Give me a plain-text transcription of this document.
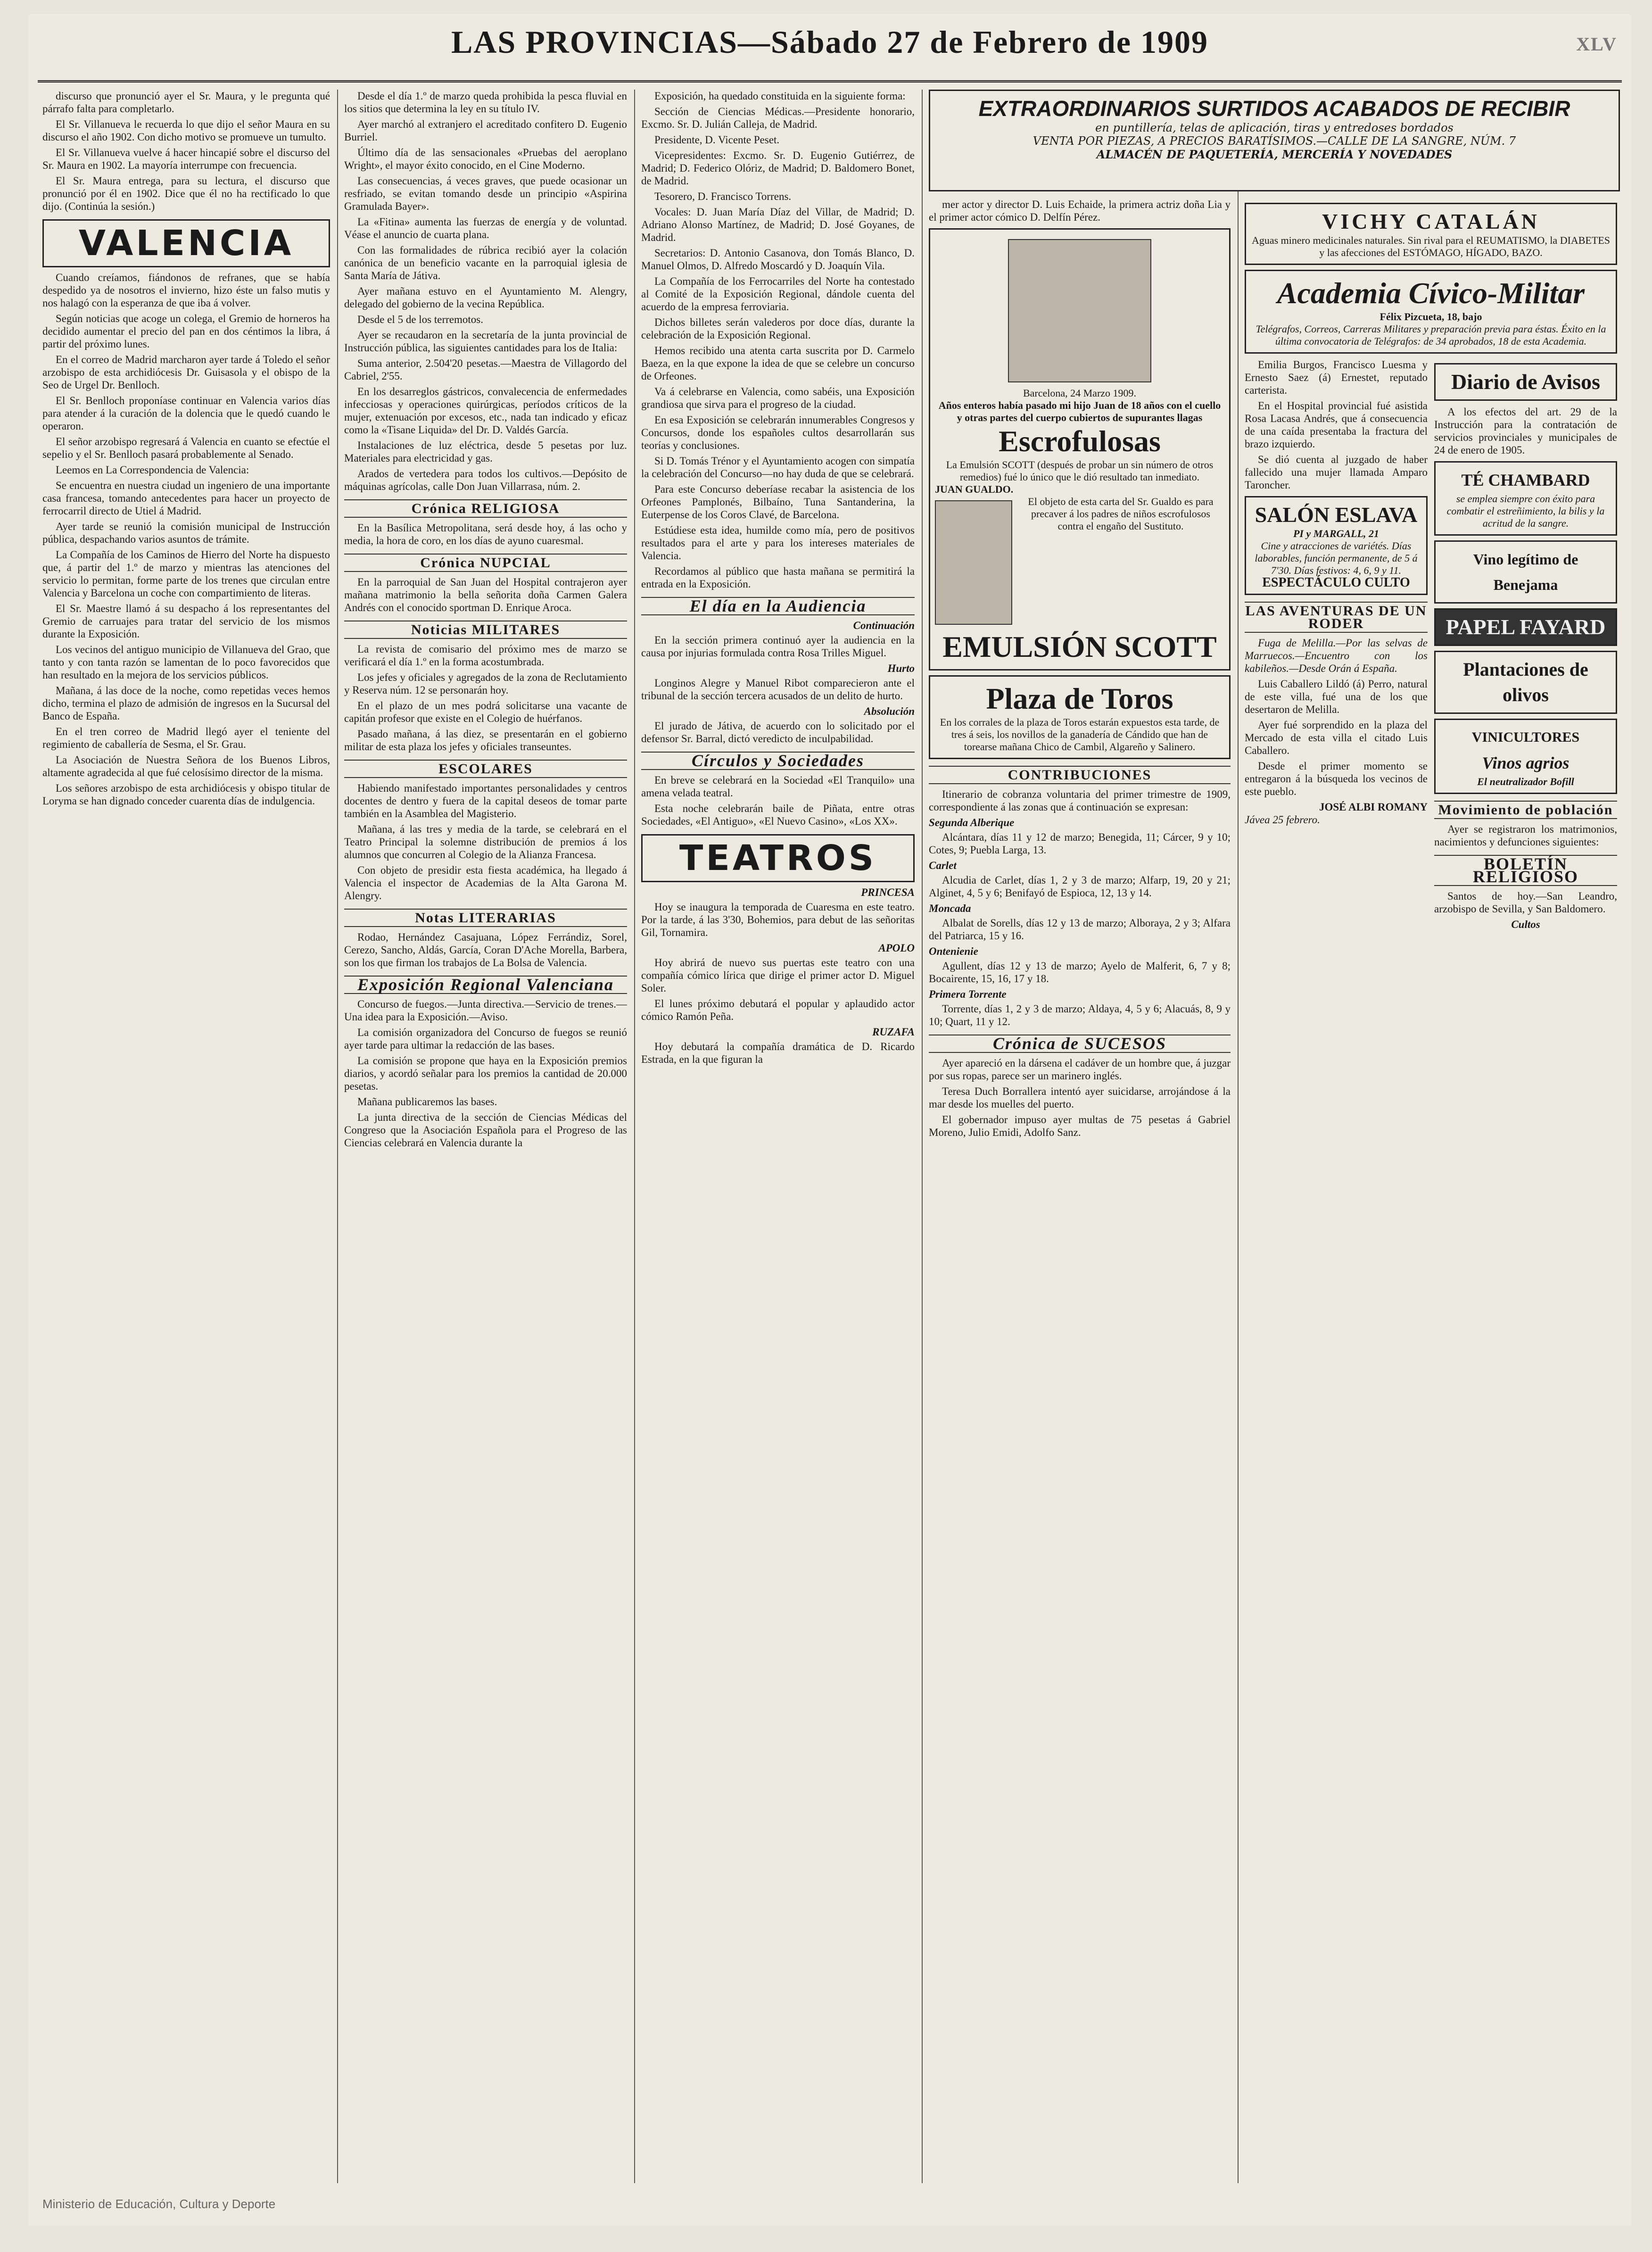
LAS PROVINCIAS—Sábado 27 de Febrero de 1909	XLV

discurso que pronunció ayer el Sr. Maura, y le pregunta qué párrafo falta para completarlo.

El Sr. Villanueva le recuerda lo que dijo el señor Maura en su discurso el año 1902. Con dicho motivo se promueve un tumulto.

El Sr. Villanueva vuelve á hacer hincapié sobre el discurso del Sr. Maura en 1902. La mayoría interrumpe con frecuencia.

El Sr. Maura entrega, para su lectura, el discurso que pronunció por él en 1902. Dice que él no ha rectificado lo que dijo. (Continúa la sesión.)

VALENCIA

Cuando creíamos, fiándonos de refranes, que se había despedido ya de nosotros el invierno, hizo éste un falso mutis y nos halagó con la esperanza de que iba á volver.

Según noticias que acoge un colega, el Gremio de horneros ha decidido aumentar el precio del pan en dos céntimos la libra, á partir del próximo lunes.

En el correo de Madrid marcharon ayer tarde á Toledo el señor arzobispo de esta archidiócesis Dr. Guisasola y el obispo de la Seo de Urgel Dr. Benlloch.

El Sr. Benlloch proponíase continuar en Valencia varios días para atender á la curación de la dolencia que le quedó cuando le operaron.

El señor arzobispo regresará á Valencia en cuanto se efectúe el sepelio y el Sr. Benlloch pasará probablemente al Senado.

Leemos en La Correspondencia de Valencia:

Se encuentra en nuestra ciudad un ingeniero de una importante casa francesa, tomando antecedentes para hacer un proyecto de ferrocarril directo de Utiel á Madrid.

Ayer tarde se reunió la comisión municipal de Instrucción pública, despachando varios asuntos de trámite.

La Compañía de los Caminos de Hierro del Norte ha dispuesto que, á partir del 1.º de marzo y mientras las atenciones del servicio lo permitan, forme parte de los trenes que circulan entre Valencia y Barcelona un coche con compartimiento de literas.

El Sr. Maestre llamó á su despacho á los representantes del Gremio de carruajes para tratar del servicio de los mismos durante la Exposición.

Los vecinos del antiguo municipio de Villanueva del Grao, que tanto y con tanta razón se lamentan de lo poco favorecidos que han resultado en la mejora de los servicios públicos.

Mañana, á las doce de la noche, como repetidas veces hemos dicho, termina el plazo de admisión de ingresos en la Sucursal del Banco de España.

En el tren correo de Madrid llegó ayer el teniente del regimiento de caballería de Sesma, el Sr. Grau.

La Asociación de Nuestra Señora de los Buenos Libros, altamente agradecida al que fué celosísimo director de la misma.

Los señores arzobispo de esta archidiócesis y obispo titular de Loryma se han dignado conceder cuarenta días de indulgencia.

Desde el día 1.º de marzo queda prohibida la pesca fluvial en los sitios que determina la ley en su título IV.

Ayer marchó al extranjero el acreditado confitero D. Eugenio Burriel.

Último día de las sensacionales «Pruebas del aeroplano Wright», el mayor éxito conocido, en el Cine Moderno.

Las consecuencias, á veces graves, que puede ocasionar un resfriado, se evitan tomando desde un principio «Aspirina Gramulada Bayer».

La «Fitina» aumenta las fuerzas de energía y de voluntad. Véase el anuncio de cuarta plana.

Con las formalidades de rúbrica recibió ayer la colación canónica de un beneficio vacante en la parroquial iglesia de Santa María de Játiva.

Ayer mañana estuvo en el Ayuntamiento M. Alengry, delegado del gobierno de la vecina República.

Desde el 5 de los terremotos.

Ayer se recaudaron en la secretaría de la junta provincial de Instrucción pública, las siguientes cantidades para los de Italia:

Suma anterior, 2.504'20 pesetas.—Maestra de Villagordo del Cabriel, 2'55.

En los desarreglos gástricos, convalecencia de enfermedades infecciosas y operaciones quirúrgicas, períodos críticos de la mujer, extenuación por excesos, etc., nada tan indicado y eficaz como la «Tisane Liquida» del Dr. D. Valdés García.

Instalaciones de luz eléctrica, desde 5 pesetas por luz. Materiales para electricidad y gas.

Arados de vertedera para todos los cultivos.—Depósito de máquinas agrícolas, calle Don Juan Villarrasa, núm. 2.

Crónica RELIGIOSA

En la Basílica Metropolitana, será desde hoy, á las ocho y media, la hora de coro, en los días de ayuno cuaresmal.

Crónica NUPCIAL

En la parroquial de San Juan del Hospital contrajeron ayer mañana matrimonio la bella señorita doña Carmen Galera Andrés con el conocido sportman D. Enrique Aroca.

Noticias MILITARES

La revista de comisario del próximo mes de marzo se verificará el día 1.º en la forma acostumbrada.

Los jefes y oficiales y agregados de la zona de Reclutamiento y Reserva núm. 12 se personarán hoy.

En el plazo de un mes podrá solicitarse una vacante de capitán profesor que existe en el Colegio de huérfanos.

Pasado mañana, á las diez, se presentarán en el gobierno militar de esta plaza los jefes y oficiales transeuntes.

ESCOLARES

Habiendo manifestado importantes personalidades y centros docentes de dentro y fuera de la capital deseos de tomar parte también en la Asamblea del Magisterio.

Mañana, á las tres y media de la tarde, se celebrará en el Teatro Principal la solemne distribución de premios á los alumnos que concurren al Colegio de la Alianza Francesa.

Con objeto de presidir esta fiesta académica, ha llegado á Valencia el inspector de Academias de la Alta Garona M. Alengry.

Notas LITERARIAS

Rodao, Hernández Casajuana, López Ferrándiz, Sorel, Cerezo, Sancho, Aldás, García, Coran D'Ache Morella, Barbera, son los que firman los trabajos de La Bolsa de Valencia.

Exposición Regional Valenciana

Concurso de fuegos.—Junta directiva.—Servicio de trenes.—Una idea para la Exposición.—Aviso.

La comisión organizadora del Concurso de fuegos se reunió ayer tarde para ultimar la redacción de las bases.

La comisión se propone que haya en la Exposición premios diarios, y acordó señalar para los premios la cantidad de 20.000 pesetas.

Mañana publicaremos las bases.

La junta directiva de la sección de Ciencias Médicas del Congreso que la Asociación Española para el Progreso de las Ciencias celebrará en Valencia durante la

Exposición, ha quedado constituida en la siguiente forma:

Sección de Ciencias Médicas.—Presidente honorario, Excmo. Sr. D. Julián Calleja, de Madrid.

Presidente, D. Vicente Peset.

Vicepresidentes: Excmo. Sr. D. Eugenio Gutiérrez, de Madrid; D. Federico Olóriz, de Madrid; D. Baldomero Bonet, de Madrid.

Tesorero, D. Francisco Torrens.

Vocales: D. Juan María Díaz del Villar, de Madrid; D. Adriano Alonso Martínez, de Madrid; D. José Goyanes, de Madrid.

Secretarios: D. Antonio Casanova, don Tomás Blanco, D. Manuel Olmos, D. Alfredo Moscardó y D. Joaquín Vila.

La Compañía de los Ferrocarriles del Norte ha contestado al Comité de la Exposición Regional, dándole cuenta del acuerdo de la empresa ferroviaria.

Dichos billetes serán valederos por doce días, durante la celebración de la Exposición Regional.

Hemos recibido una atenta carta suscrita por D. Carmelo Baeza, en la que expone la idea de que se celebre un concurso de Orfeones.

Va á celebrarse en Valencia, como sabéis, una Exposición grandiosa que sirva para el progreso de la ciudad.

En esa Exposición se celebrarán innumerables Congresos y Concursos, donde los españoles cultos desarrollarán sus teorías y conclusiones.

Si D. Tomás Trénor y el Ayuntamiento acogen con simpatía la celebración del Concurso—no hay duda de que se celebrará.

Para este Concurso deberíase recabar la asistencia de los Orfeones Pamplonés, Bilbaíno, Tuna Santanderina, la Euterpense de los Coros Clavé, de Barcelona.

Estúdiese esta idea, humilde como mía, pero de positivos resultados para el arte y para los intereses materiales de Valencia.

Recordamos al público que hasta mañana se permitirá la entrada en la Exposición.

El día en la Audiencia
Continuación

En la sección primera continuó ayer la audiencia en la causa por injurias formulada contra Rosa Trilles Miguel.

Hurto

Longinos Alegre y Manuel Ribot comparecieron ante el tribunal de la sección tercera acusados de un delito de hurto.

Absolución

El jurado de Játiva, de acuerdo con lo solicitado por el defensor Sr. Barral, dictó veredicto de inculpabilidad.

Círculos y Sociedades

En breve se celebrará en la Sociedad «El Tranquilo» una amena velada teatral.

Esta noche celebrarán baile de Piñata, entre otras Sociedades, «El Antiguo», «El Nuevo Casino», «Los XX».

TEATROS
PRINCESA

Hoy se inaugura la temporada de Cuaresma en este teatro. Por la tarde, á las 3'30, Bohemios, para debut de las señoritas Gil, Tornamira.

APOLO

Hoy abrirá de nuevo sus puertas este teatro con una compañía cómico lírica que dirige el primer actor D. Miguel Soler.

El lunes próximo debutará el popular y aplaudido actor cómico Ramón Peña.

RUZAFA

Hoy debutará la compañía dramática de D. Ricardo Estrada, en la que figuran la

EXTRAORDINARIOS SURTIDOS ACABADOS DE RECIBIR
en puntillería, telas de aplicación, tiras y entredoses bordados
VENTA POR PIEZAS, A PRECIOS BARATÍSIMOS.—CALLE DE LA SANGRE, NÚM. 7
ALMACÉN DE PAQUETERÍA, MERCERÍA Y NOVEDADES

mer actor y director D. Luis Echaide, la primera actriz doña Lia y el primer actor cómico D. Delfín Pérez.

Barcelona, 24 Marzo 1909.
Años enteros había pasado mi hijo Juan de 18 años con el cuello y otras partes del cuerpo cubiertos de supurantes llagas
Escrofulosas
La Emulsión SCOTT (después de probar un sin número de otros remedios) fué lo único que le dió resultado tan inmediato.
JUAN GUALDO.
El objeto de esta carta del Sr. Gualdo es para precaver á los padres de niños escrofulosos contra el engaño del Sustituto.
EMULSIÓN SCOTT
Plaza de Toros
En los corrales de la plaza de Toros estarán expuestos esta tarde, de tres á seis, los novillos de la ganadería de Cándido que han de torearse mañana Chico de Cambil, Algareño y Salinero.
CONTRIBUCIONES

Itinerario de cobranza voluntaria del primer trimestre de 1909, correspondiente á las zonas que á continuación se expresan:

Segunda Alberique

Alcántara, días 11 y 12 de marzo; Benegida, 11; Cárcer, 9 y 10; Cotes, 9; Puebla Larga, 13.

Carlet

Alcudia de Carlet, días 1, 2 y 3 de marzo; Alfarp, 19, 20 y 21; Alginet, 4, 5 y 6; Benifayó de Espioca, 12, 13 y 14.

Moncada

Albalat de Sorells, días 12 y 13 de marzo; Alboraya, 2 y 3; Alfara del Patriarca, 15 y 16.

Ontenienie

Agullent, días 12 y 13 de marzo; Ayelo de Malferit, 6, 7 y 8; Bocairente, 15, 16, 17 y 18.

Primera Torrente

Torrente, días 1, 2 y 3 de marzo; Aldaya, 4, 5 y 6; Alacuás, 8, 9 y 10; Quart, 11 y 12.

Crónica de SUCESOS

Ayer apareció en la dársena el cadáver de un hombre que, á juzgar por sus ropas, parece ser un marinero inglés.

Teresa Duch Borrallera intentó ayer suicidarse, arrojándose á la mar desde los muelles del puerto.

El gobernador impuso ayer multas de 75 pesetas á Gabriel Moreno, Julio Emidi, Adolfo Sanz.

VICHY CATALÁN
Aguas minero medicinales naturales. Sin rival para el REUMATISMO, la DIABETES y las afecciones del ESTÓMAGO, HÍGADO, BAZO.
Academia Cívico-Militar
Félix Pizcueta, 18, bajo
Telégrafos, Correos, Carreras Militares y preparación previa para éstas. Éxito en la última convocatoria de Telégrafos: de 34 aprobados, 18 de esta Academia.

Emilia Burgos, Francisco Luesma y Ernesto Saez (á) Ernestet, reputado carterista.

En el Hospital provincial fué asistida Rosa Lacasa Andrés, que á consecuencia de una caída presentaba la fractura del brazo izquierdo.

Se dió cuenta al juzgado de haber fallecido una mujer llamada Amparo Taroncher.

SALÓN ESLAVA
PI y MARGALL, 21
Cine y atracciones de variétés. Días laborables, función permanente, de 5 á 7'30. Días festivos: 4, 6, 9 y 11.
ESPECTÁCULO CULTO
LAS AVENTURAS DE UN RODER

Fuga de Melilla.—Por las selvas de Marruecos.—Encuentro con los kabileños.—Desde Orán á España.

Luis Caballero Lildó (á) Perro, natural de este villa, fué una de los que desertaron de Melilla.

Ayer fué sorprendido en la plaza del Mercado de esta villa el citado Luis Caballero.

Desde el primer momento se entregaron á la búsqueda los vecinos de este pueblo.

JOSÉ ALBI ROMANY
Jávea 25 febrero.
Diario de Avisos

A los efectos del art. 29 de la Instrucción para la contratación de servicios provinciales y municipales de 24 de enero de 1905.

TÉ CHAMBARD
se emplea siempre con éxito para combatir el estreñimiento, la bilis y la acritud de la sangre.
Vino legítimo de Benejama
PAPEL FAYARD
Plantaciones de olivos
VINICULTORES
Vinos agrios
El neutralizador Bofill
Movimiento de población

Ayer se registraron los matrimonios, nacimientos y defunciones siguientes:

BOLETÍN RELIGIOSO

Santos de hoy.—San Leandro, arzobispo de Sevilla, y San Baldomero.

Cultos
Ministerio de Educación, Cultura y Deporte
